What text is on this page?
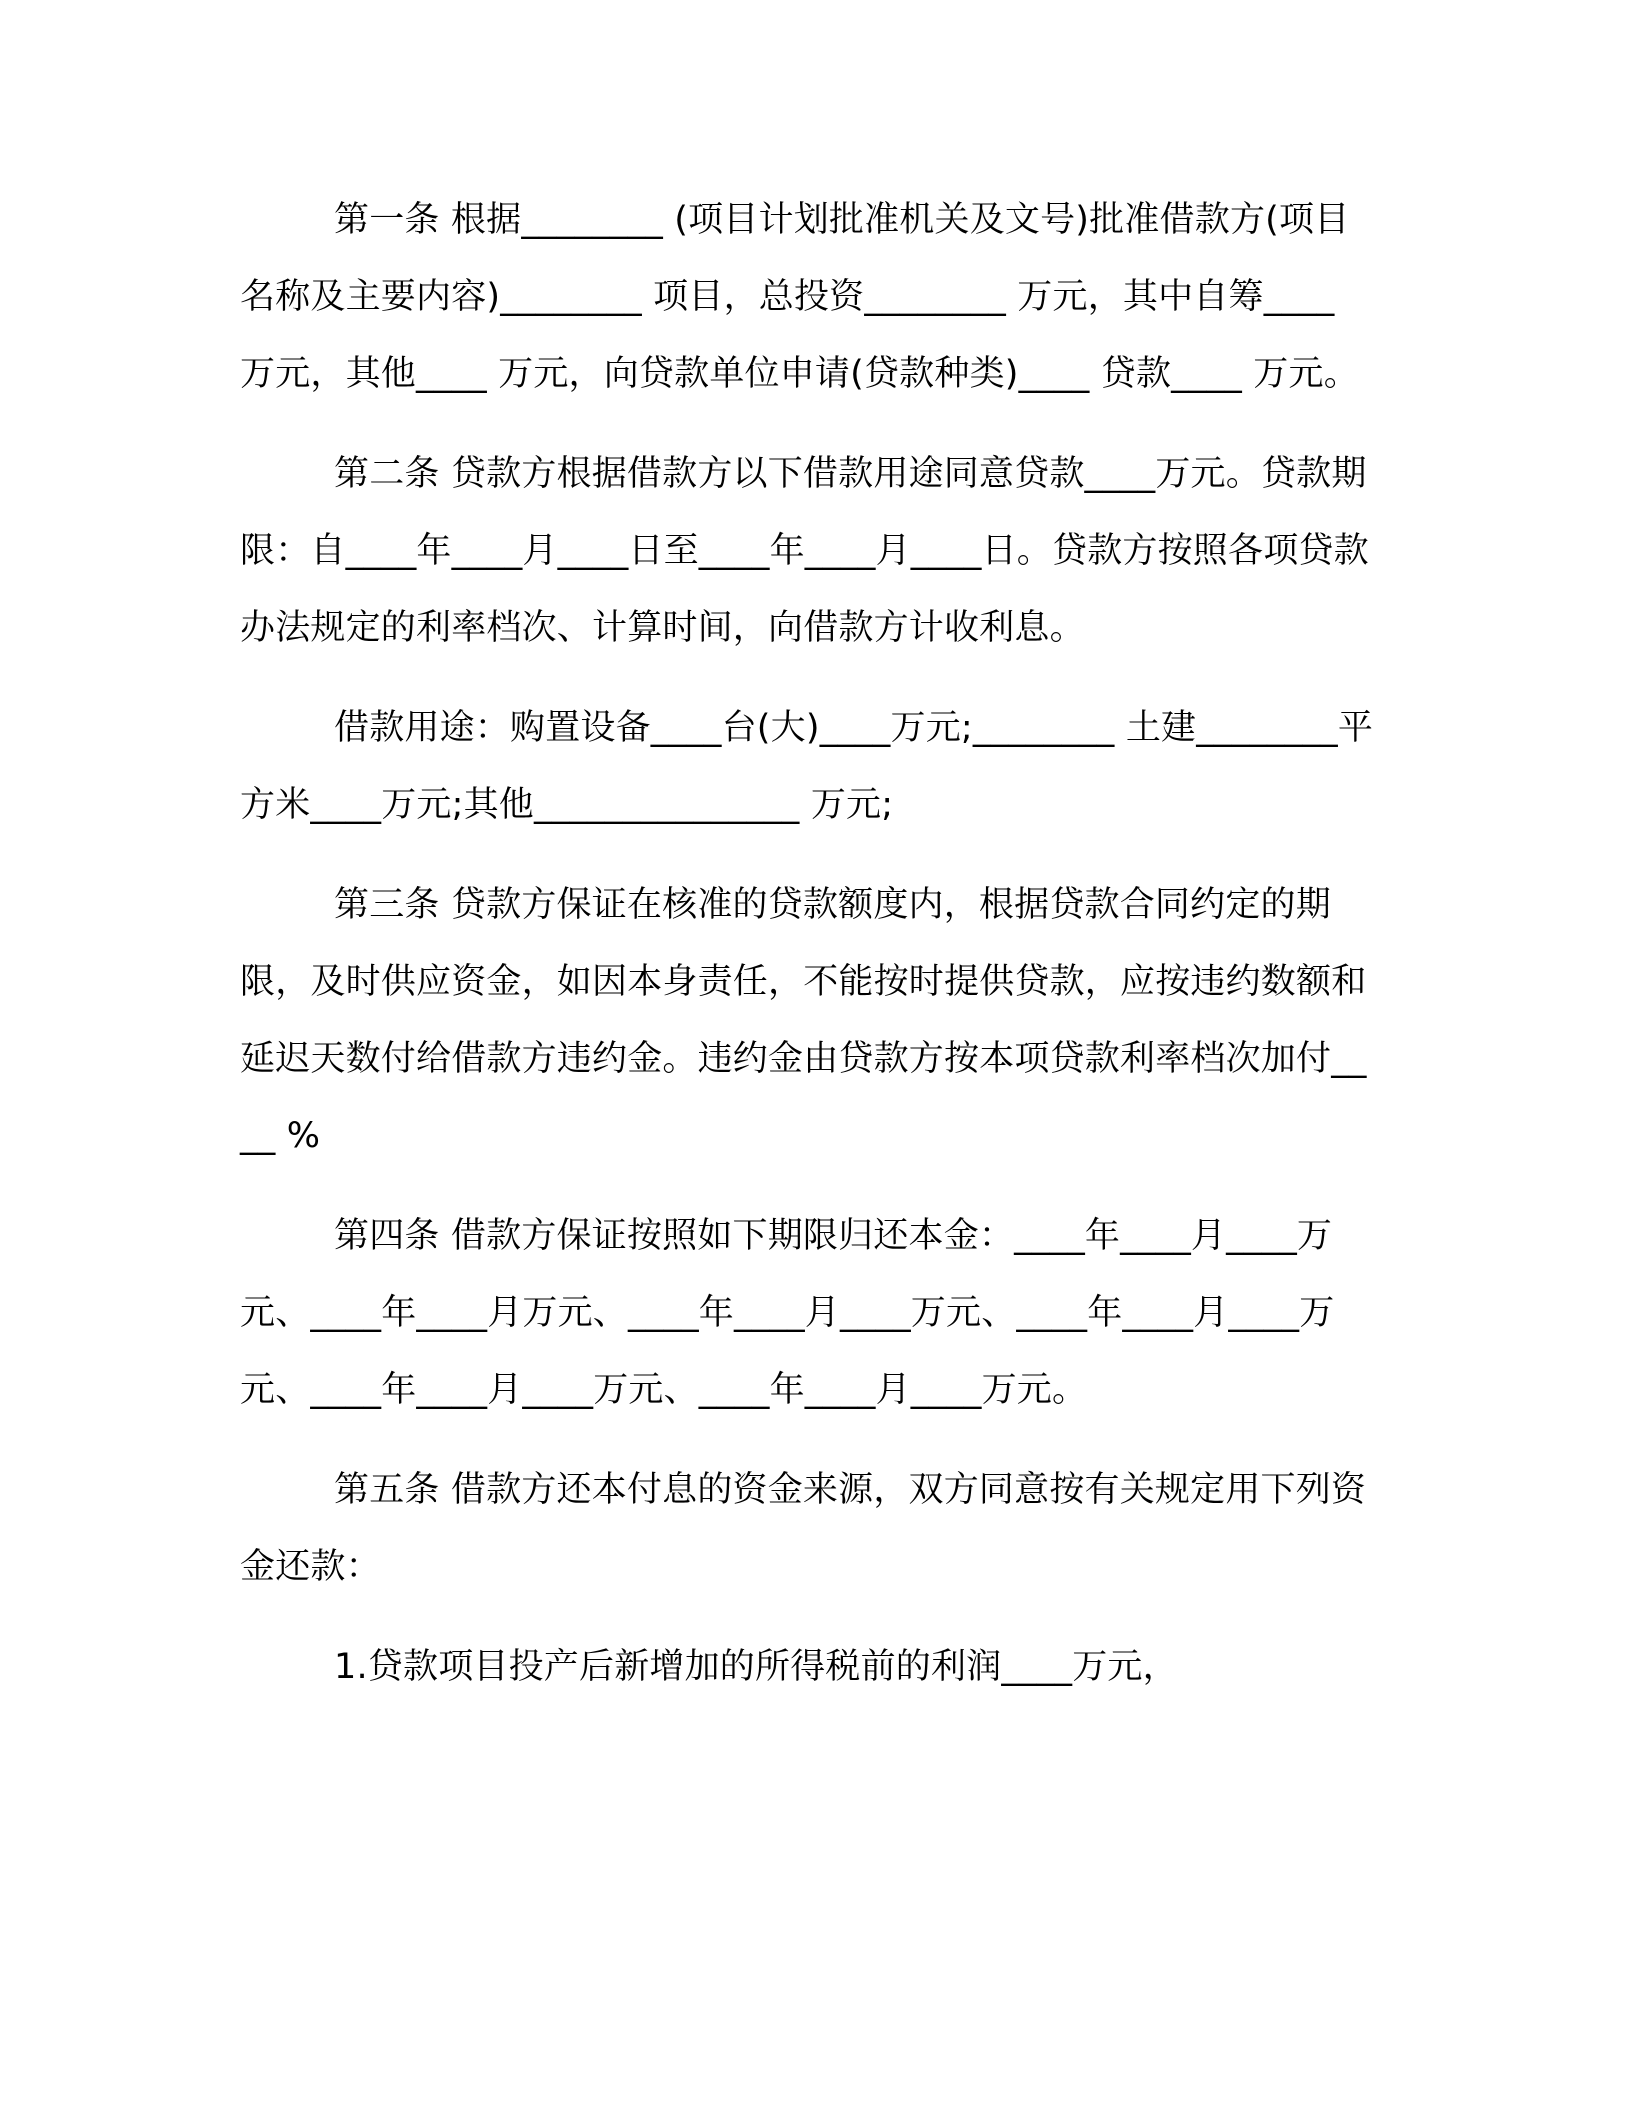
第一条 根据________ (项目计划批准机关及文号)批准借款方(项目名称及主要内容)________ 项目，总投资________ 万元，其中自筹____ 万元，其他____ 万元，向贷款单位申请(贷款种类)____ 贷款____ 万元。

第二条 贷款方根据借款方以下借款用途同意贷款____万元。贷款期限：自____年____月____日至____年____月____日。贷款方按照各项贷款办法规定的利率档次、计算时间，向借款方计收利息。

借款用途：购置设备____台(大)____万元;________ 土建________平方米____万元;其他_______________ 万元;

第三条 贷款方保证在核准的贷款额度内，根据贷款合同约定的期限，及时供应资金，如因本身责任，不能按时提供贷款，应按违约数额和延迟天数付给借款方违约金。违约金由贷款方按本项贷款利率档次加付____ %

第四条 借款方保证按照如下期限归还本金：____年____月____万元、____年____月万元、____年____月____万元、____年____月____万元、____年____月____万元、____年____月____万元。

第五条 借款方还本付息的资金来源，双方同意按有关规定用下列资金还款：

1.贷款项目投产后新增加的所得税前的利润____万元，
